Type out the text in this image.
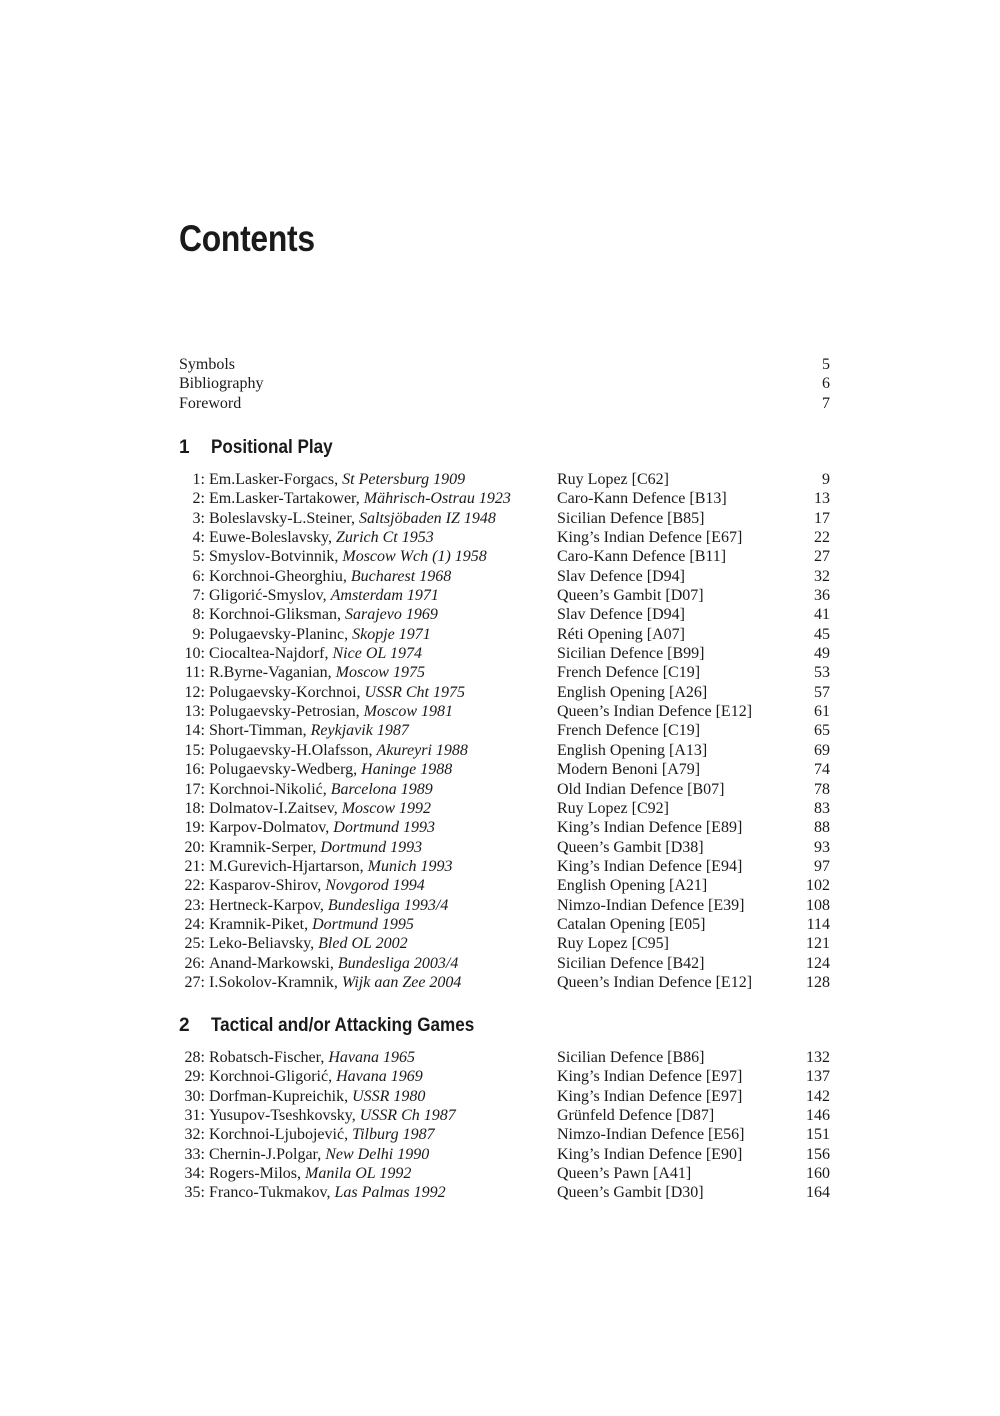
Contents
Symbols	5
Bibliography	6
Foreword	7
1	Positional Play
1: Em.Lasker-Forgacs, St Petersburg 1909	Ruy Lopez [C62]	9
2: Em.Lasker-Tartakower, Mährisch-Ostrau 1923	Caro-Kann Defence [B13]	13
3: Boleslavsky-L.Steiner, Saltsjöbaden IZ 1948	Sicilian Defence [B85]	17
4: Euwe-Boleslavsky, Zurich Ct 1953	King’s Indian Defence [E67]	22
5: Smyslov-Botvinnik, Moscow Wch (1) 1958	Caro-Kann Defence [B11]	27
6: Korchnoi-Gheorghiu, Bucharest 1968	Slav Defence [D94]	32
7: Gligorić-Smyslov, Amsterdam 1971	Queen’s Gambit [D07]	36
8: Korchnoi-Gliksman, Sarajevo 1969	Slav Defence [D94]	41
9: Polugaevsky-Planinc, Skopje 1971	Réti Opening [A07]	45
10: Ciocaltea-Najdorf, Nice OL 1974	Sicilian Defence [B99]	49
11: R.Byrne-Vaganian, Moscow 1975	French Defence [C19]	53
12: Polugaevsky-Korchnoi, USSR Cht 1975	English Opening [A26]	57
13: Polugaevsky-Petrosian, Moscow 1981	Queen’s Indian Defence [E12]	61
14: Short-Timman, Reykjavik 1987	French Defence [C19]	65
15: Polugaevsky-H.Olafsson, Akureyri 1988	English Opening [A13]	69
16: Polugaevsky-Wedberg, Haninge 1988	Modern Benoni [A79]	74
17: Korchnoi-Nikolić, Barcelona 1989	Old Indian Defence [B07]	78
18: Dolmatov-I.Zaitsev, Moscow 1992	Ruy Lopez [C92]	83
19: Karpov-Dolmatov, Dortmund 1993	King’s Indian Defence [E89]	88
20: Kramnik-Serper, Dortmund 1993	Queen’s Gambit [D38]	93
21: M.Gurevich-Hjartarson, Munich 1993	King’s Indian Defence [E94]	97
22: Kasparov-Shirov, Novgorod 1994	English Opening [A21]	102
23: Hertneck-Karpov, Bundesliga 1993/4	Nimzo-Indian Defence [E39]	108
24: Kramnik-Piket, Dortmund 1995	Catalan Opening [E05]	114
25: Leko-Beliavsky, Bled OL 2002	Ruy Lopez [C95]	121
26: Anand-Markowski, Bundesliga 2003/4	Sicilian Defence [B42]	124
27: I.Sokolov-Kramnik, Wijk aan Zee 2004	Queen’s Indian Defence [E12]	128
2	Tactical and/or Attacking Games
28: Robatsch-Fischer, Havana 1965	Sicilian Defence [B86]	132
29: Korchnoi-Gligorić, Havana 1969	King’s Indian Defence [E97]	137
30: Dorfman-Kupreichik, USSR 1980	King’s Indian Defence [E97]	142
31: Yusupov-Tseshkovsky, USSR Ch 1987	Grünfeld Defence [D87]	146
32: Korchnoi-Ljubojević, Tilburg 1987	Nimzo-Indian Defence [E56]	151
33: Chernin-J.Polgar, New Delhi 1990	King’s Indian Defence [E90]	156
34: Rogers-Milos, Manila OL 1992	Queen’s Pawn [A41]	160
35: Franco-Tukmakov, Las Palmas 1992	Queen’s Gambit [D30]	164
